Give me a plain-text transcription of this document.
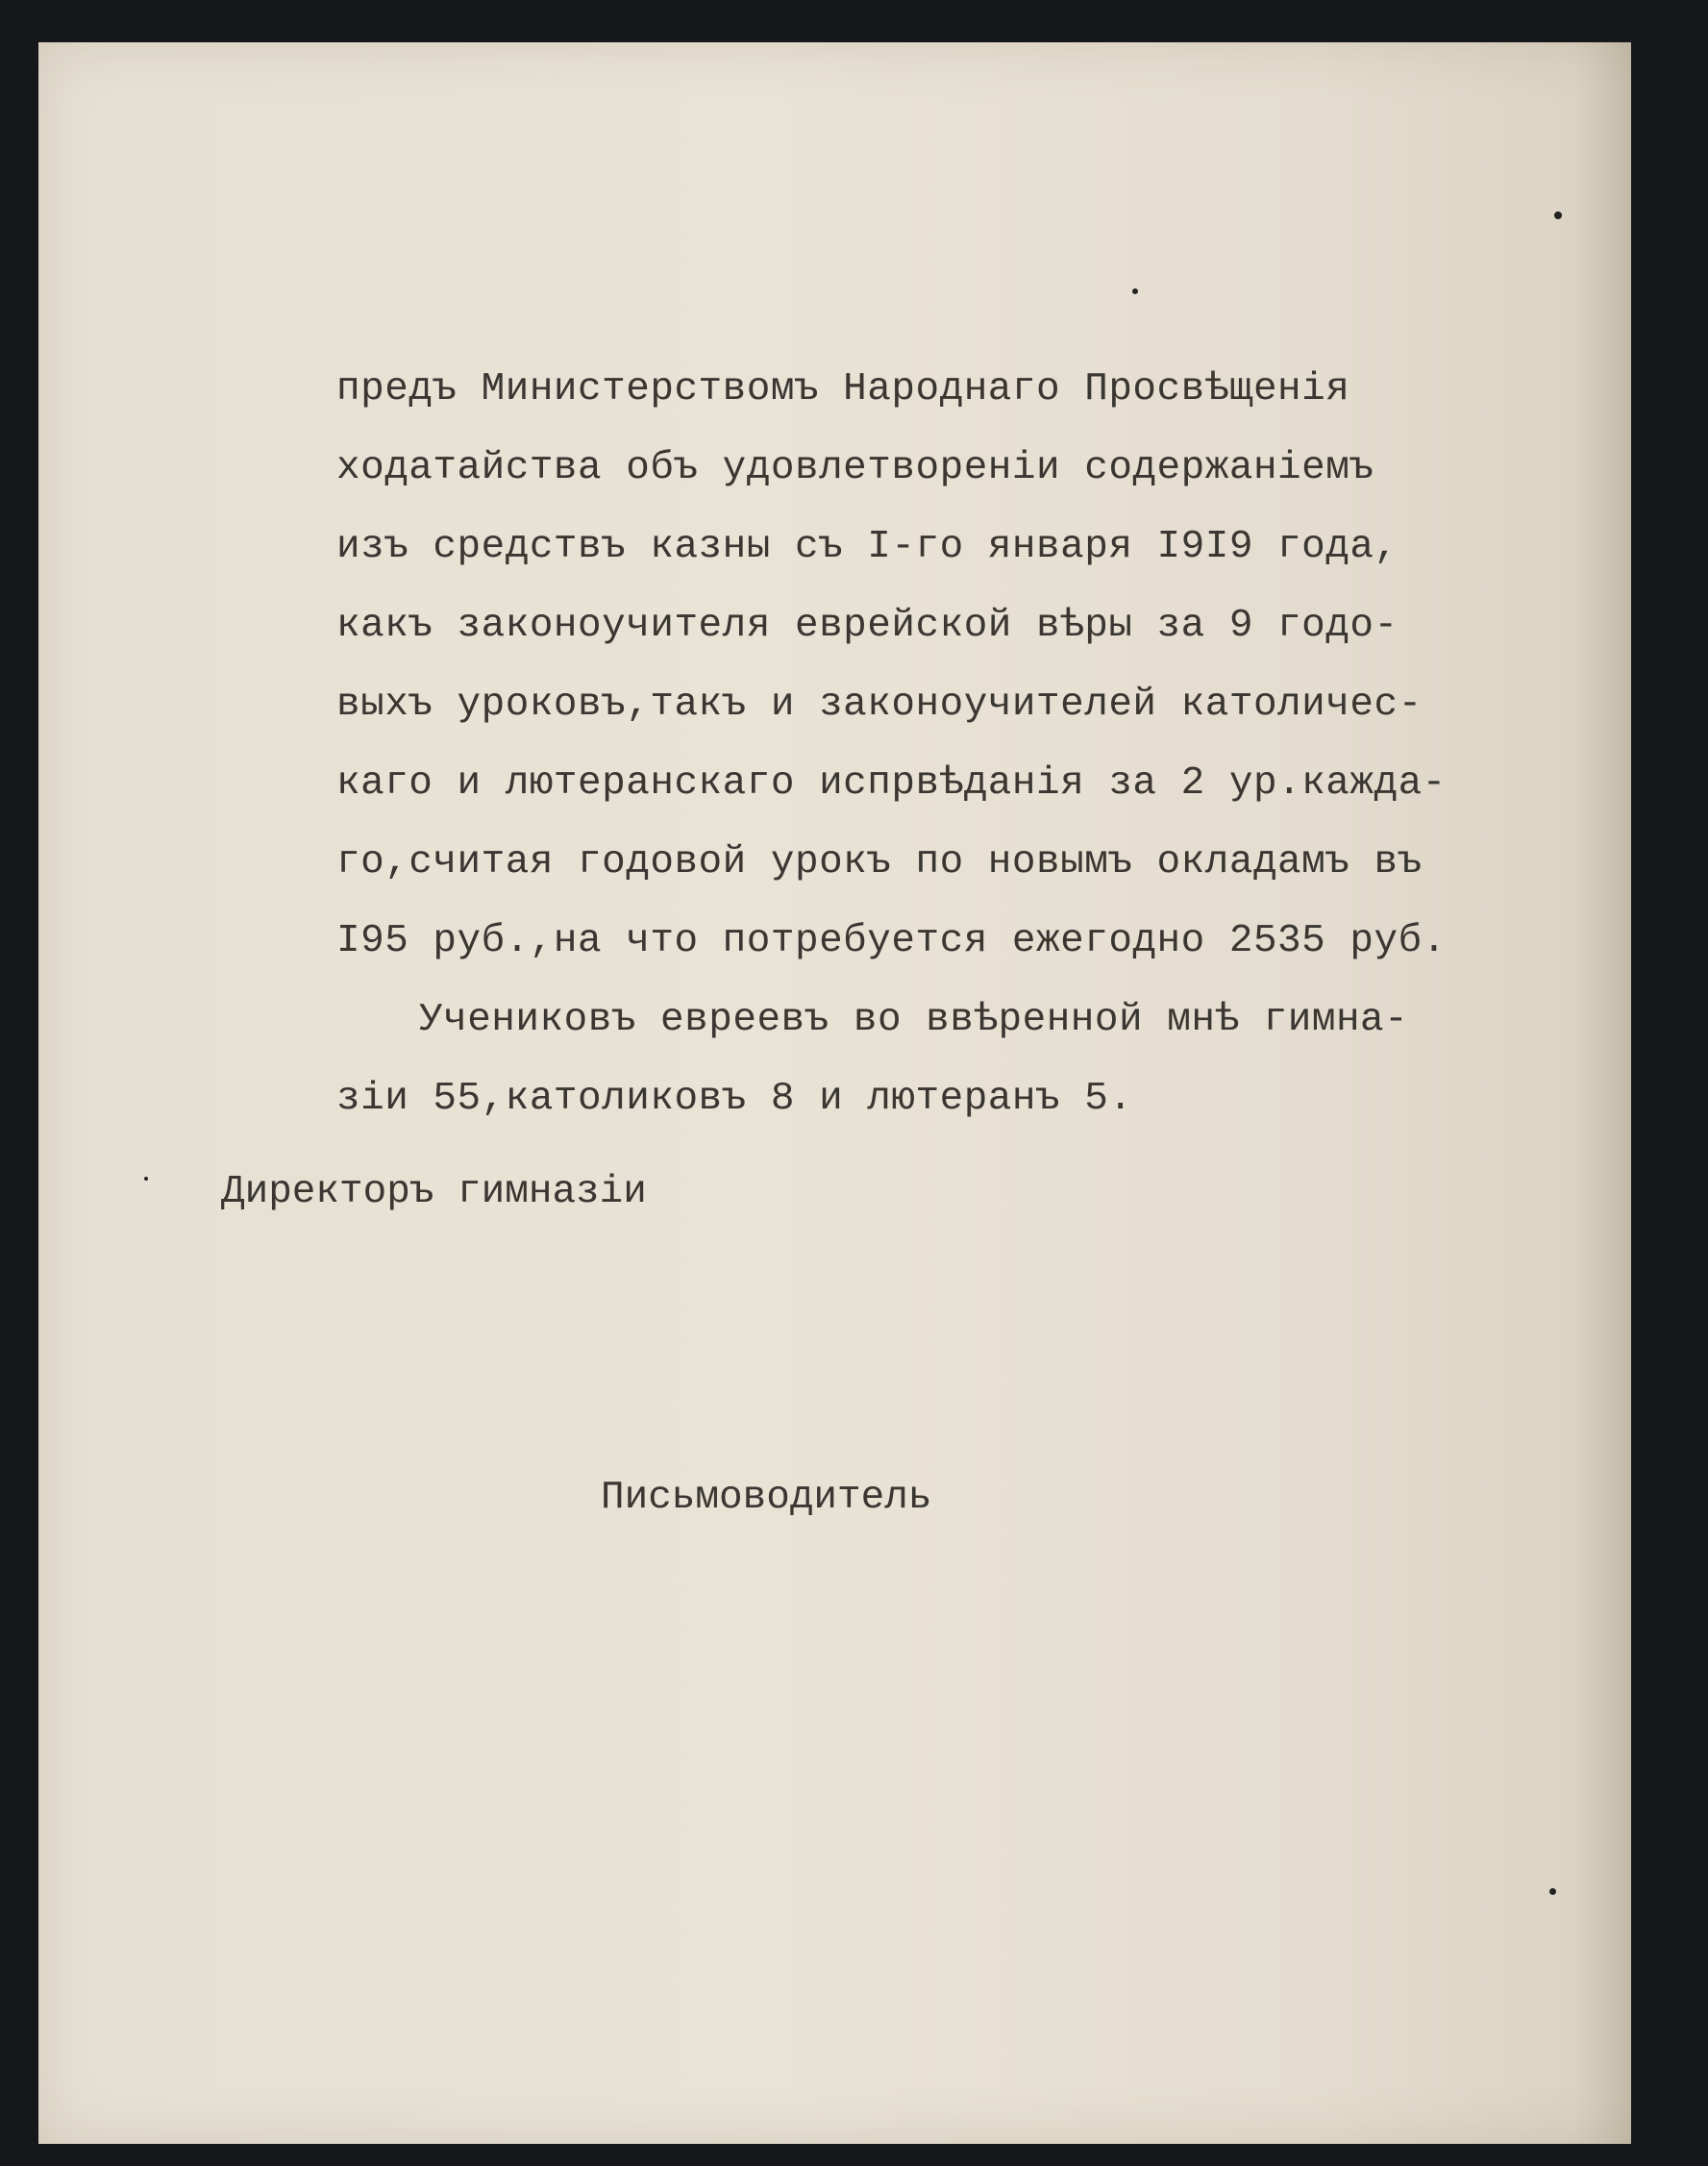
предъ Министерствомъ Народнаго Просвѣщенія
ходатайства объ удовлетвореніи содержаніемъ
изъ средствъ казны съ I-го января I9I9 года,
какъ законоучителя еврейской вѣры за 9 годо-
выхъ уроковъ,такъ и законоучителей католичес-
каго и лютеранскаго испрвѣданія за 2 ур.кажда-
го,считая годовой урокъ по новымъ окладамъ въ
I95 руб.,на что потребуется ежегодно 2535 руб.
Учениковъ евреевъ во ввѣренной мнѣ гимна-
зіи 55,католиковъ 8 и лютеранъ 5.
Директоръ гимназіи
Письмоводитель
